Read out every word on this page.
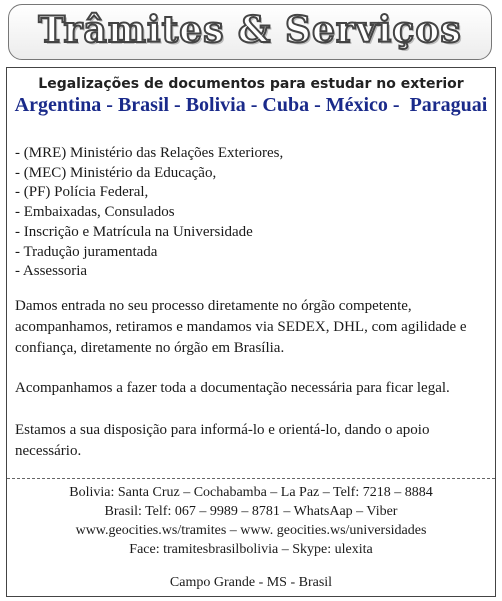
Trâmites & Serviços
Legalizações de documentos para estudar no exterior
Argentina - Brasil - Bolivia - Cuba - México -  Paraguai
- (MRE) Ministério das Relações Exteriores,
- (MEC) Ministério da Educação,
- (PF) Polícia Federal,
- Embaixadas, Consulados
- Inscrição e Matrícula na Universidade
- Tradução juramentada
- Assessoria

Damos entrada no seu processo diretamente no órgão competente, acompanhamos, retiramos e mandamos via SEDEX, DHL, com agilidade e confiança, diretamente no órgão em Brasília.

Acompanhamos a fazer toda a documentação necessária para ficar legal.

Estamos a sua disposição para informá-lo e orientá-lo, dando o apoio necessário.

Bolivia: Santa Cruz – Cochabamba – La Paz – Telf: 7218 – 8884
Brasil: Telf: 067 – 9989 – 8781 – WhatsAap – Viber
www.geocities.ws/tramites – www. geocities.ws/universidades
Face: tramitesbrasilbolivia – Skype: ulexita
Campo Grande - MS - Brasil
